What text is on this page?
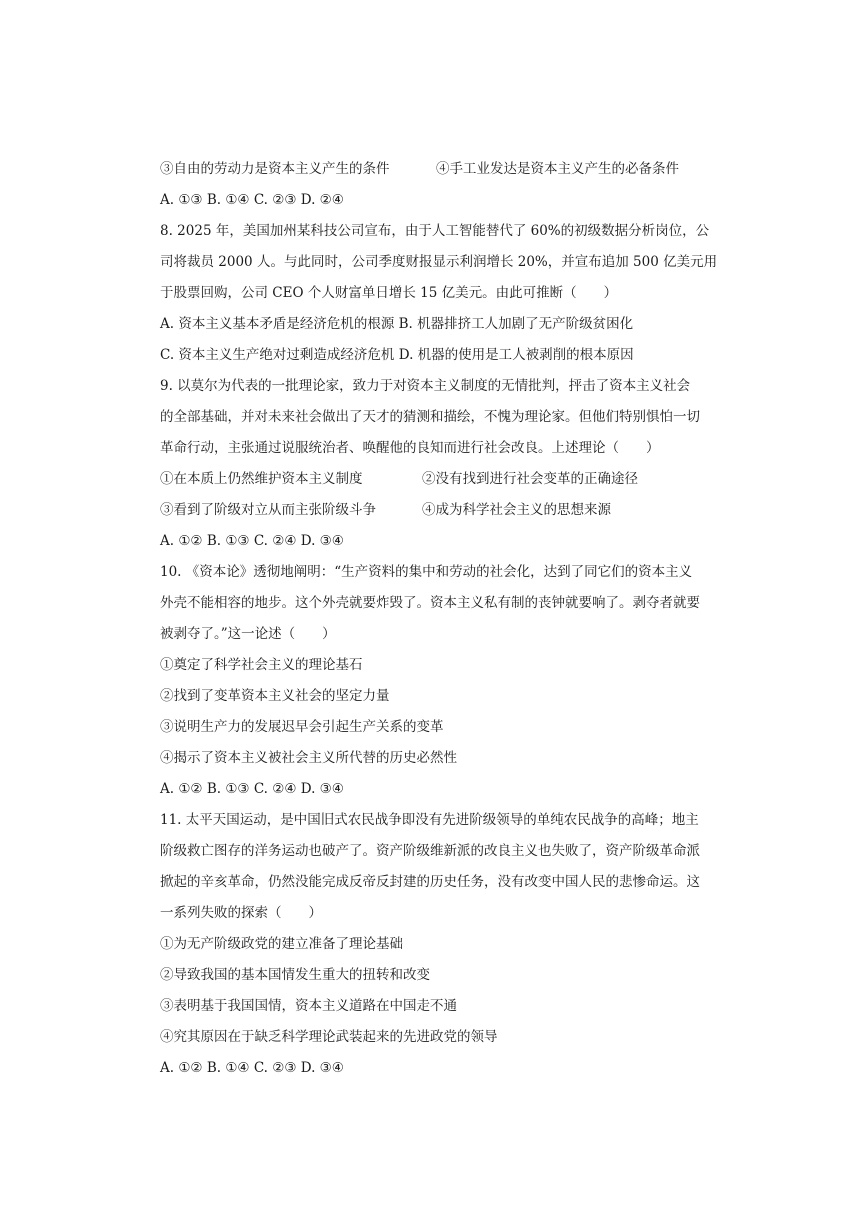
③自由的劳动力是资本主义产生的条件	④手工业发达是资本主义产生的必备条件
A. ①③ B. ①④ C. ②③ D. ②④
8. 2025 年，美国加州某科技公司宣布，由于人工智能替代了 60%的初级数据分析岗位，公
司将裁员 2000 人。与此同时，公司季度财报显示利润增长 20%，并宣布追加 500 亿美元用
于股票回购，公司 CEO 个人财富单日增长 15 亿美元。由此可推断（　　）
A. 资本主义基本矛盾是经济危机的根源 B. 机器排挤工人加剧了无产阶级贫困化
C. 资本主义生产绝对过剩造成经济危机 D. 机器的使用是工人被剥削的根本原因
9. 以莫尔为代表的一批理论家，致力于对资本主义制度的无情批判，抨击了资本主义社会
的全部基础，并对未来社会做出了天才的猜测和描绘，不愧为理论家。但他们特别惧怕一切
革命行动，主张通过说服统治者、唤醒他的良知而进行社会改良。上述理论（　　）
①在本质上仍然维护资本主义制度	②没有找到进行社会变革的正确途径
③看到了阶级对立从而主张阶级斗争	④成为科学社会主义的思想来源
A. ①② B. ①③ C. ②④ D. ③④
10. 《资本论》透彻地阐明：“生产资料的集中和劳动的社会化，达到了同它们的资本主义
外壳不能相容的地步。这个外壳就要炸毁了。资本主义私有制的丧钟就要响了。剥夺者就要
被剥夺了。”这一论述（　　）
①奠定了科学社会主义的理论基石
②找到了变革资本主义社会的坚定力量
③说明生产力的发展迟早会引起生产关系的变革
④揭示了资本主义被社会主义所代替的历史必然性
A. ①② B. ①③ C. ②④ D. ③④
11. 太平天国运动，是中国旧式农民战争即没有先进阶级领导的单纯农民战争的高峰；地主
阶级救亡图存的洋务运动也破产了。资产阶级维新派的改良主义也失败了，资产阶级革命派
掀起的辛亥革命，仍然没能完成反帝反封建的历史任务，没有改变中国人民的悲惨命运。这
一系列失败的探索（　　）
①为无产阶级政党的建立准备了理论基础
②导致我国的基本国情发生重大的扭转和改变
③表明基于我国国情，资本主义道路在中国走不通
④究其原因在于缺乏科学理论武装起来的先进政党的领导
A. ①② B. ①④ C. ②③ D. ③④
